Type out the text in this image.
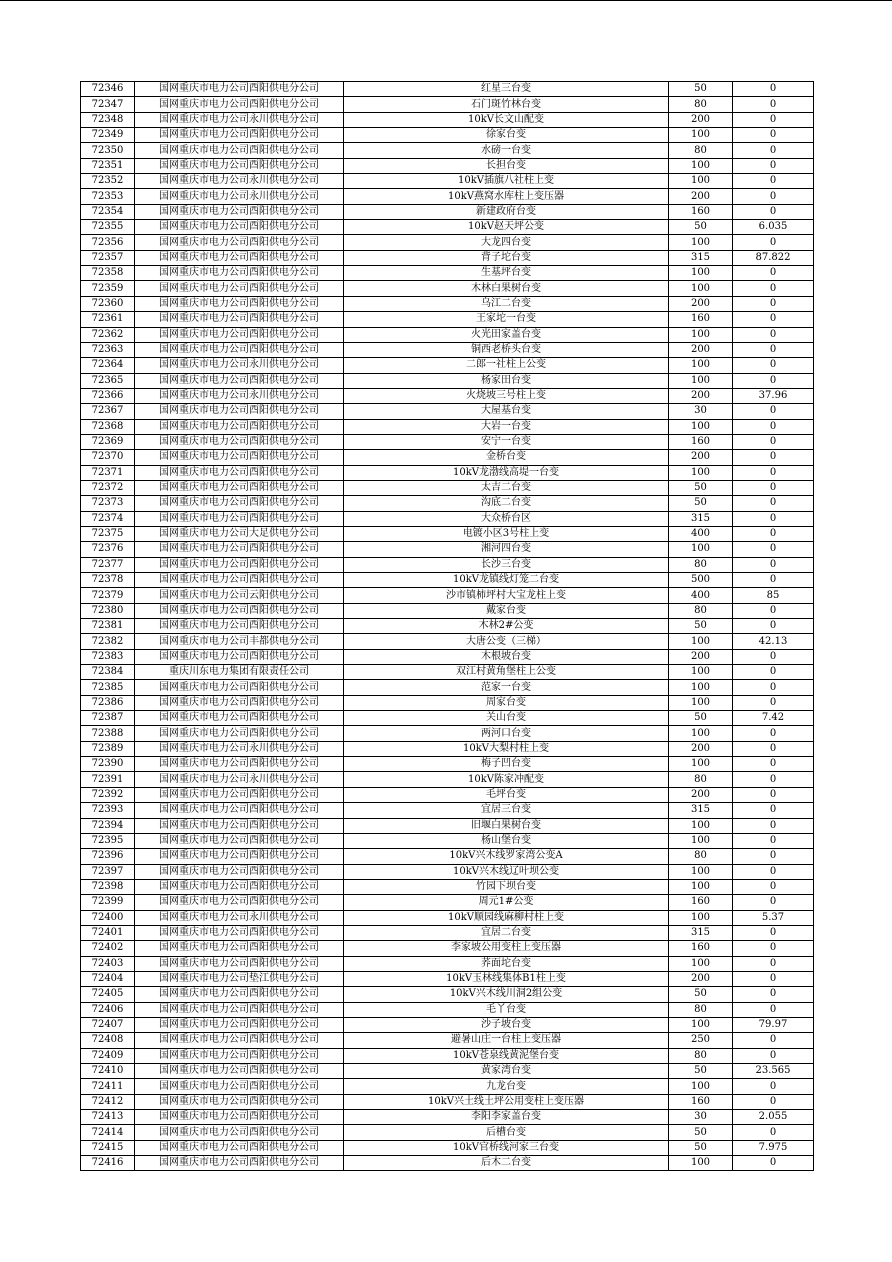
72346	国网重庆市电力公司酉阳供电分公司	红星三台变	50	0
72347	国网重庆市电力公司酉阳供电分公司	石门斑竹林台变	80	0
72348	国网重庆市电力公司永川供电分公司	10kV长文山配变	200	0
72349	国网重庆市电力公司酉阳供电分公司	徐家台变	100	0
72350	国网重庆市电力公司酉阳供电分公司	水磅一台变	80	0
72351	国网重庆市电力公司酉阳供电分公司	长担台变	100	0
72352	国网重庆市电力公司永川供电分公司	10kV插旗八社柱上变	100	0
72353	国网重庆市电力公司永川供电分公司	10kV燕窝水库柱上变压器	200	0
72354	国网重庆市电力公司酉阳供电分公司	新建政府台变	160	0
72355	国网重庆市电力公司酉阳供电分公司	10kV赵天坪公变	50	6.035
72356	国网重庆市电力公司酉阳供电分公司	大龙四台变	100	0
72357	国网重庆市电力公司酉阳供电分公司	背子坨台变	315	87.822
72358	国网重庆市电力公司酉阳供电分公司	生基坪台变	100	0
72359	国网重庆市电力公司酉阳供电分公司	木林白果树台变	100	0
72360	国网重庆市电力公司酉阳供电分公司	乌江二台变	200	0
72361	国网重庆市电力公司酉阳供电分公司	王家坨一台变	160	0
72362	国网重庆市电力公司酉阳供电分公司	火光田家盖台变	100	0
72363	国网重庆市电力公司酉阳供电分公司	铜西老桥头台变	200	0
72364	国网重庆市电力公司永川供电分公司	二郎一社柱上公变	100	0
72365	国网重庆市电力公司酉阳供电分公司	杨家田台变	100	0
72366	国网重庆市电力公司永川供电分公司	火烧坡三号柱上变	200	37.96
72367	国网重庆市电力公司酉阳供电分公司	大屋基台变	30	0
72368	国网重庆市电力公司酉阳供电分公司	大岩一台变	100	0
72369	国网重庆市电力公司酉阳供电分公司	安宁一台变	160	0
72370	国网重庆市电力公司酉阳供电分公司	金桥台变	200	0
72371	国网重庆市电力公司酉阳供电分公司	10kV龙渤线高堤一台变	100	0
72372	国网重庆市电力公司酉阳供电分公司	太吉二台变	50	0
72373	国网重庆市电力公司酉阳供电分公司	沟底二台变	50	0
72374	国网重庆市电力公司酉阳供电分公司	大众桥台区	315	0
72375	国网重庆市电力公司大足供电分公司	电镀小区3号柱上变	400	0
72376	国网重庆市电力公司酉阳供电分公司	湘河四台变	100	0
72377	国网重庆市电力公司酉阳供电分公司	长沙三台变	80	0
72378	国网重庆市电力公司酉阳供电分公司	10kV龙镇线灯笼二台变	500	0
72379	国网重庆市电力公司云阳供电分公司	沙市镇柿坪村大宝龙柱上变	400	85
72380	国网重庆市电力公司酉阳供电分公司	戴家台变	80	0
72381	国网重庆市电力公司酉阳供电分公司	木林2#公变	50	0
72382	国网重庆市电力公司丰都供电分公司	大唐公变（三梯）	100	42.13
72383	国网重庆市电力公司酉阳供电分公司	木根坡台变	200	0
72384	重庆川东电力集团有限责任公司	双江村黄角堡柱上公变	100	0
72385	国网重庆市电力公司酉阳供电分公司	范家一台变	100	0
72386	国网重庆市电力公司酉阳供电分公司	周家台变	100	0
72387	国网重庆市电力公司酉阳供电分公司	关山台变	50	7.42
72388	国网重庆市电力公司酉阳供电分公司	两河口台变	100	0
72389	国网重庆市电力公司永川供电分公司	10kV大梨村柱上变	200	0
72390	国网重庆市电力公司酉阳供电分公司	梅子凹台变	100	0
72391	国网重庆市电力公司永川供电分公司	10kV陈家冲配变	80	0
72392	国网重庆市电力公司酉阳供电分公司	毛坪台变	200	0
72393	国网重庆市电力公司酉阳供电分公司	宜居三台变	315	0
72394	国网重庆市电力公司酉阳供电分公司	旧堰白果树台变	100	0
72395	国网重庆市电力公司酉阳供电分公司	杨山堡台变	100	0
72396	国网重庆市电力公司酉阳供电分公司	10kV兴木线罗家湾公变A	80	0
72397	国网重庆市电力公司酉阳供电分公司	10kV兴木线辽叶坝公变	100	0
72398	国网重庆市电力公司酉阳供电分公司	竹园下坝台变	100	0
72399	国网重庆市电力公司酉阳供电分公司	周元1#公变	160	0
72400	国网重庆市电力公司永川供电分公司	10kV顺园线麻柳村柱上变	100	5.37
72401	国网重庆市电力公司酉阳供电分公司	宜居二台变	315	0
72402	国网重庆市电力公司酉阳供电分公司	李家坡公用变柱上变压器	160	0
72403	国网重庆市电力公司酉阳供电分公司	荞面坨台变	100	0
72404	国网重庆市电力公司垫江供电分公司	10kV玉林线集体B1柱上变	200	0
72405	国网重庆市电力公司酉阳供电分公司	10kV兴木线川洞2组公变	50	0
72406	国网重庆市电力公司酉阳供电分公司	毛丫台变	80	0
72407	国网重庆市电力公司酉阳供电分公司	沙子坡台变	100	79.97
72408	国网重庆市电力公司酉阳供电分公司	避暑山庄一台柱上变压器	250	0
72409	国网重庆市电力公司酉阳供电分公司	10kV苍泉线黄泥堡台变	80	0
72410	国网重庆市电力公司酉阳供电分公司	黄家湾台变	50	23.565
72411	国网重庆市电力公司酉阳供电分公司	九龙台变	100	0
72412	国网重庆市电力公司酉阳供电分公司	10kV兴土线土坪公用变柱上变压器	160	0
72413	国网重庆市电力公司酉阳供电分公司	李阳李家盖台变	30	2.055
72414	国网重庆市电力公司酉阳供电分公司	后槽台变	50	0
72415	国网重庆市电力公司酉阳供电分公司	10kV官桥线河家三台变	50	7.975
72416	国网重庆市电力公司酉阳供电分公司	后木二台变	100	0
